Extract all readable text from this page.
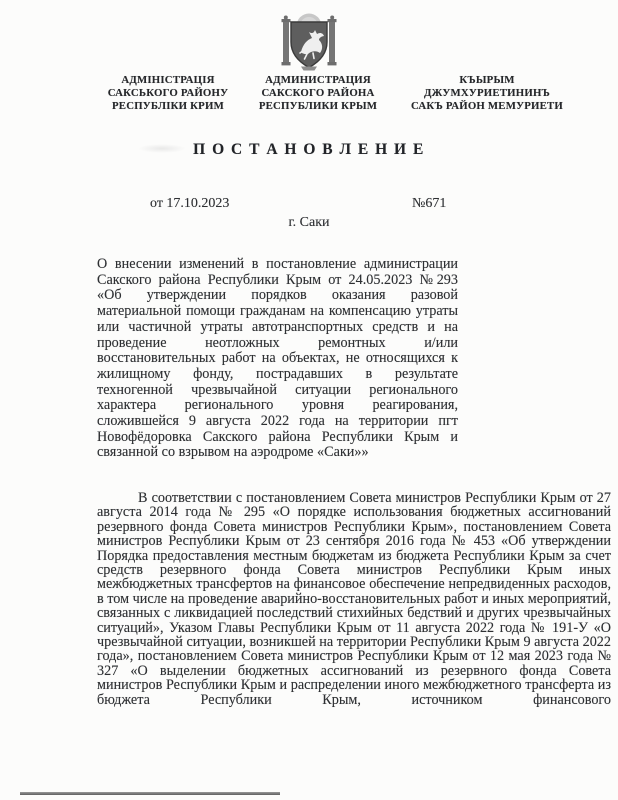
АДМІНІСТРАЦІЯ
САКСЬКОГО РАЙОНУ
РЕСПУБЛІКИ КРИМ
АДМИНИСТРАЦИЯ
САКСКОГО РАЙОНА
РЕСПУБЛИКИ КРЫМ
КЪЫРЫМ
ДЖУМХУРИЕТИНИНЪ
САКЪ РАЙОН МЕМУРИЕТИ
П О С Т А Н О В Л Е Н И Е
от 17.10.2023	№671
г. Саки
О внесении изменений в постановление администрации Сакского района Республики Крым от 24.05.2023 №293 «Об утверждении порядков оказания разовой материальной помощи гражданам на компенсацию утраты или частичной утраты автотранспортных средств и на проведение неотложных ремонтных и/или восстановительных работ на объектах, не относящихся к жилищному фонду, пострадавших в результате техногенной чрезвычайной ситуации регионального характера регионального уровня реагирования, сложившейся 9 августа 2022 года на территории пгт Новофёдоровка Сакского района Республики Крым и связанной со взрывом на аэродроме «Саки»»
В соответствии с постановлением Совета министров Республики Крым от 27 августа 2014 года № 295 «О порядке использования бюджетных ассигнований резервного фонда Совета министров Республики Крым», постановлением Совета министров Республики Крым от 23 сентября 2016 года № 453 «Об утверждении Порядка предоставления местным бюджетам из бюджета Республики Крым за счет средств резервного фонда Совета министров Республики Крым иных межбюджетных трансфертов на финансовое обеспечение непредвиденных расходов, в том числе на проведение аварийно-восстановительных работ и иных мероприятий, связанных с ликвидацией последствий стихийных бедствий и других чрезвычайных ситуаций», Указом Главы Республики Крым от 11 августа 2022 года № 191-У «О чрезвычайной ситуации, возникшей на территории Республики Крым 9 августа 2022 года», постановлением Совета министров Республики Крым от 12 мая 2023 года № 327 «О выделении бюджетных ассигнований из резервного фонда Совета министров Республики Крым и распределении иного межбюджетного трансферта из бюджета Республики Крым, источником финансового
